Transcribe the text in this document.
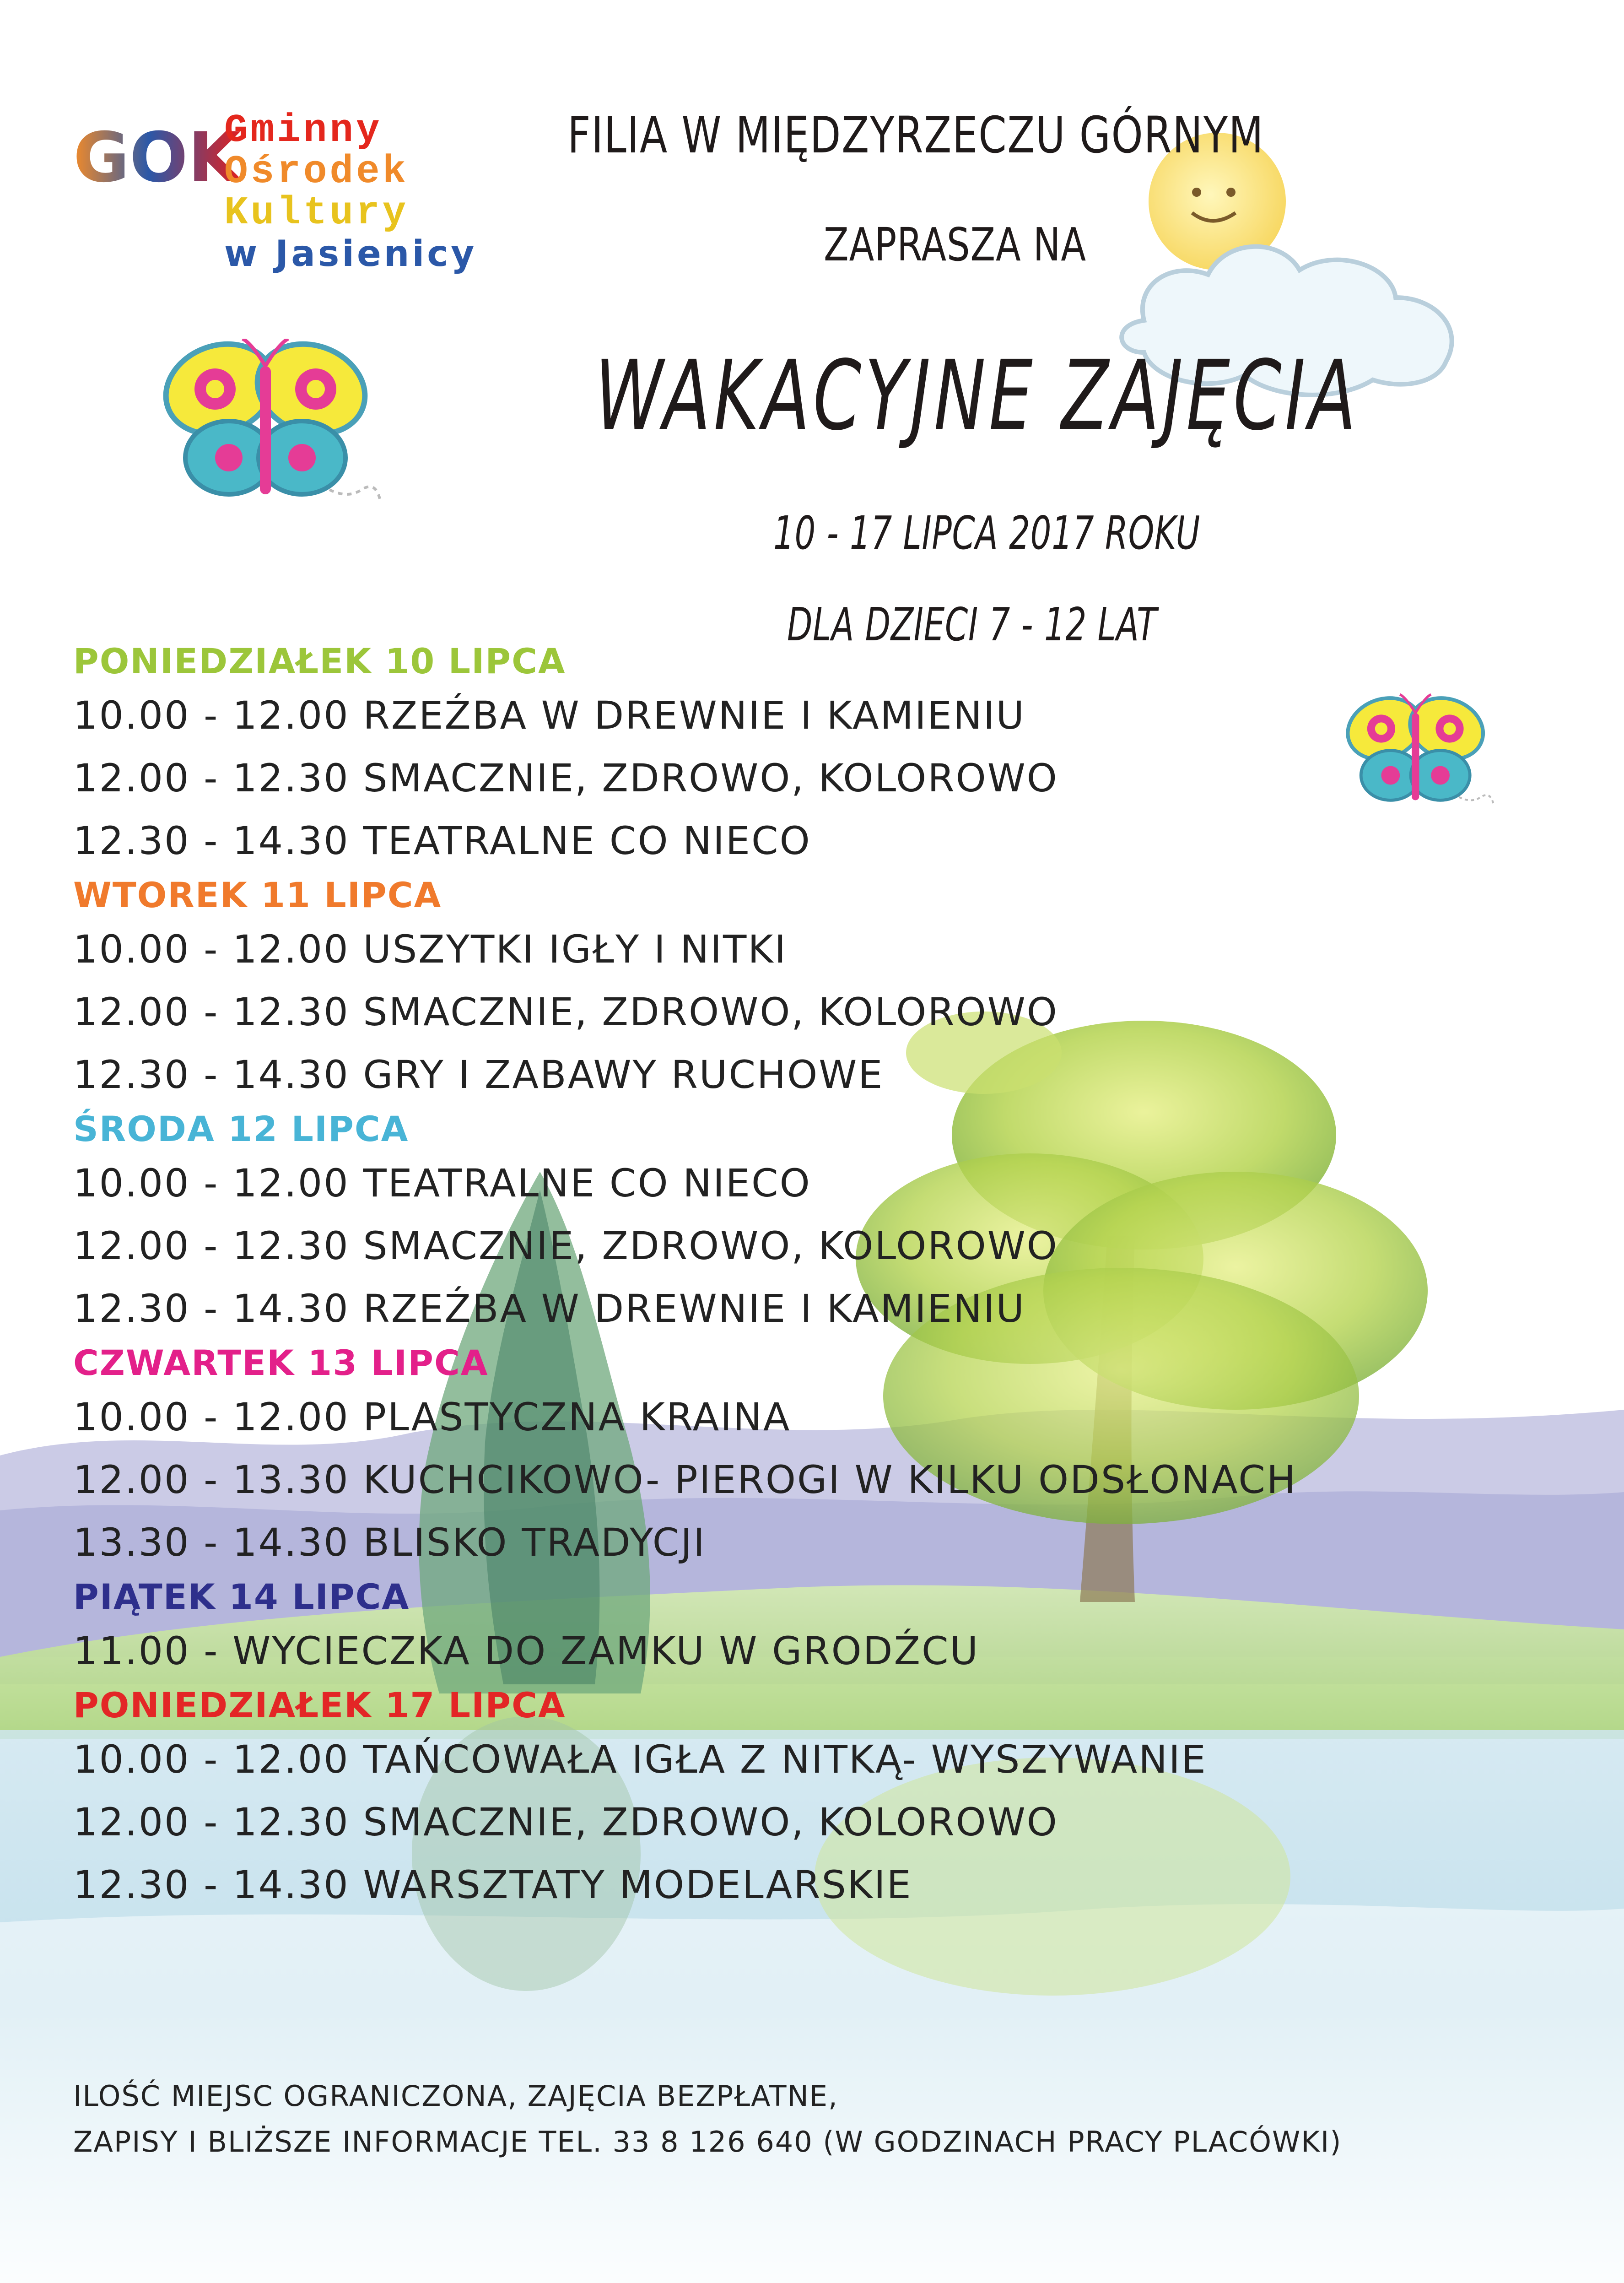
GOK
Gminny
Ośrodek
Kultury
w Jasienicy
FILIA W MIĘDZYRZECZU GÓRNYM
ZAPRASZA NA
WAKACYJNE ZAJĘCIA
10 - 17 LIPCA 2017 ROKU
DLA DZIECI 7 - 12 LAT

PONIEDZIAŁEK 10 LIPCA

10.00 - 12.00 RZEŹBA W DREWNIE I KAMIENIU

12.00 - 12.30 SMACZNIE, ZDROWO, KOLOROWO

12.30 - 14.30 TEATRALNE CO NIECO

WTOREK 11 LIPCA

10.00 - 12.00 USZYTKI IGŁY I NITKI

12.00 - 12.30 SMACZNIE, ZDROWO, KOLOROWO

12.30 - 14.30 GRY I ZABAWY RUCHOWE

ŚRODA 12 LIPCA

10.00 - 12.00 TEATRALNE CO NIECO

12.00 - 12.30 SMACZNIE, ZDROWO, KOLOROWO

12.30 - 14.30 RZEŹBA W DREWNIE I KAMIENIU

CZWARTEK 13 LIPCA

10.00 - 12.00 PLASTYCZNA KRAINA

12.00 - 13.30 KUCHCIKOWO- PIEROGI W KILKU ODSŁONACH

13.30 - 14.30 BLISKO TRADYCJI

PIĄTEK 14 LIPCA

11.00 - WYCIECZKA DO ZAMKU W GRODŹCU

PONIEDZIAŁEK 17 LIPCA

10.00 - 12.00 TAŃCOWAŁA IGŁA Z NITKĄ- WYSZYWANIE

12.00 - 12.30 SMACZNIE, ZDROWO, KOLOROWO

12.30 - 14.30 WARSZTATY MODELARSKIE

ILOŚĆ MIEJSC OGRANICZONA, ZAJĘCIA BEZPŁATNE,

ZAPISY I BLIŻSZE INFORMACJE TEL. 33 8 126 640 (W GODZINACH PRACY PLACÓWKI)
